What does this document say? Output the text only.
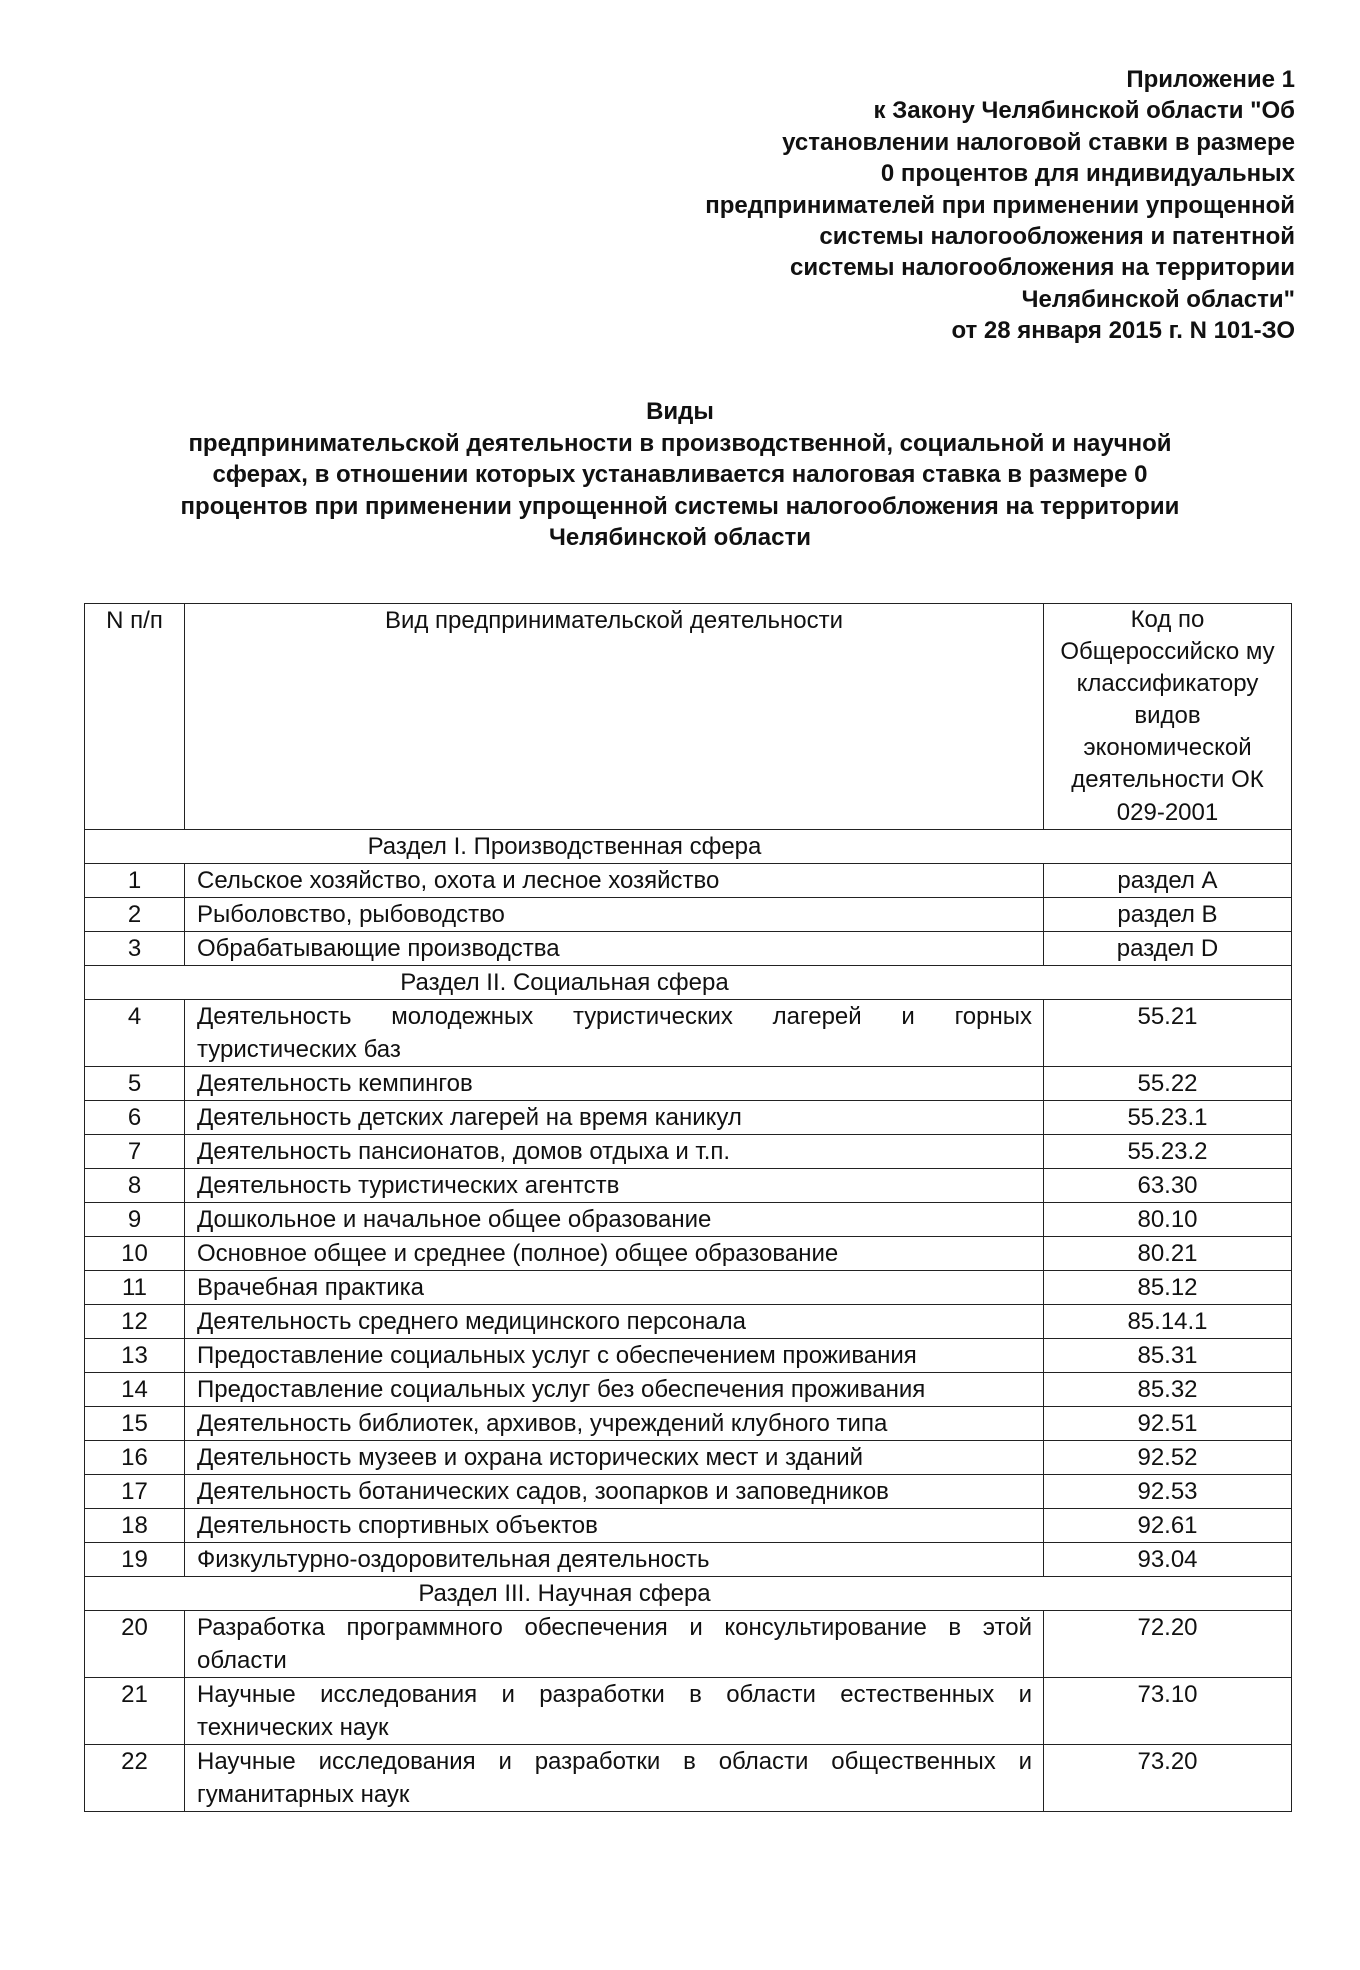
Приложение 1
к Закону Челябинской области "Об
установлении налоговой ставки в размере
0 процентов для индивидуальных
предпринимателей при применении упрощенной
системы налогообложения и патентной
системы налогообложения на территории
Челябинской области"
от 28 января 2015 г. N 101-ЗО
Виды
предпринимательской деятельности в производственной, социальной и научной
сферах, в отношении которых устанавливается налоговая ставка в размере 0
процентов при применении упрощенной системы налогообложения на территории
Челябинской области
N п/п	Вид предпринимательской деятельности	Код по Общероссийско му классификатору видов экономической деятельности ОК 029-2001

Раздел I. Производственная сфера		

1	Сельское хозяйство, охота и лесное хозяйство	раздел A
2	Рыболовство, рыбоводство	раздел B
3	Обрабатывающие производства	раздел D

Раздел II. Социальная сфера		

4	Деятельность молодежных туристических лагерей и горных туристических баз	55.21
5	Деятельность кемпингов	55.22
6	Деятельность детских лагерей на время каникул	55.23.1
7	Деятельность пансионатов, домов отдыха и т.п.	55.23.2
8	Деятельность туристических агентств	63.30
9	Дошкольное и начальное общее образование	80.10
10	Основное общее и среднее (полное) общее образование	80.21
11	Врачебная практика	85.12
12	Деятельность среднего медицинского персонала	85.14.1
13	Предоставление социальных услуг с обеспечением проживания	85.31
14	Предоставление социальных услуг без обеспечения проживания	85.32
15	Деятельность библиотек, архивов, учреждений клубного типа	92.51
16	Деятельность музеев и охрана исторических мест и зданий	92.52
17	Деятельность ботанических садов, зоопарков и заповедников	92.53
18	Деятельность спортивных объектов	92.61
19	Физкультурно-оздоровительная деятельность	93.04

Раздел III. Научная сфера		

20	Разработка программного обеспечения и консультирование в этой области	72.20
21	Научные исследования и разработки в области естественных и технических наук	73.10
22	Научные исследования и разработки в области общественных и гуманитарных наук	73.20
